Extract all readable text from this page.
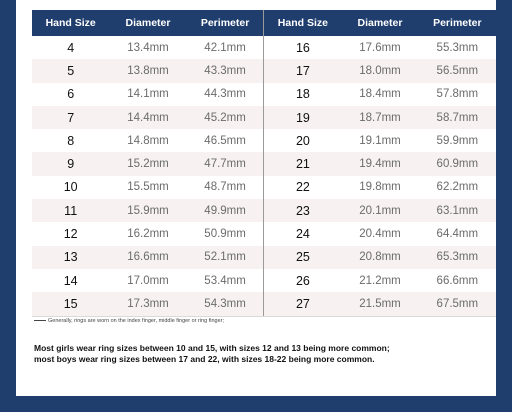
Hand Size	Diameter	Perimeter	Hand Size	Diameter	Perimeter
4	13.4mm	42.1mm	16	17.6mm	55.3mm
5	13.8mm	43.3mm	17	18.0mm	56.5mm
6	14.1mm	44.3mm	18	18.4mm	57.8mm
7	14.4mm	45.2mm	19	18.7mm	58.7mm
8	14.8mm	46.5mm	20	19.1mm	59.9mm
9	15.2mm	47.7mm	21	19.4mm	60.9mm
10	15.5mm	48.7mm	22	19.8mm	62.2mm
11	15.9mm	49.9mm	23	20.1mm	63.1mm
12	16.2mm	50.9mm	24	20.4mm	64.4mm
13	16.6mm	52.1mm	25	20.8mm	65.3mm
14	17.0mm	53.4mm	26	21.2mm	66.6mm
15	17.3mm	54.3mm	27	21.5mm	67.5mm
Generally, rings are worn on the index finger, middle finger or ring finger;
Most girls wear ring sizes between 10 and 15, with sizes 12 and 13 being more common;
most boys wear ring sizes between 17 and 22, with sizes 18-22 being more common.
